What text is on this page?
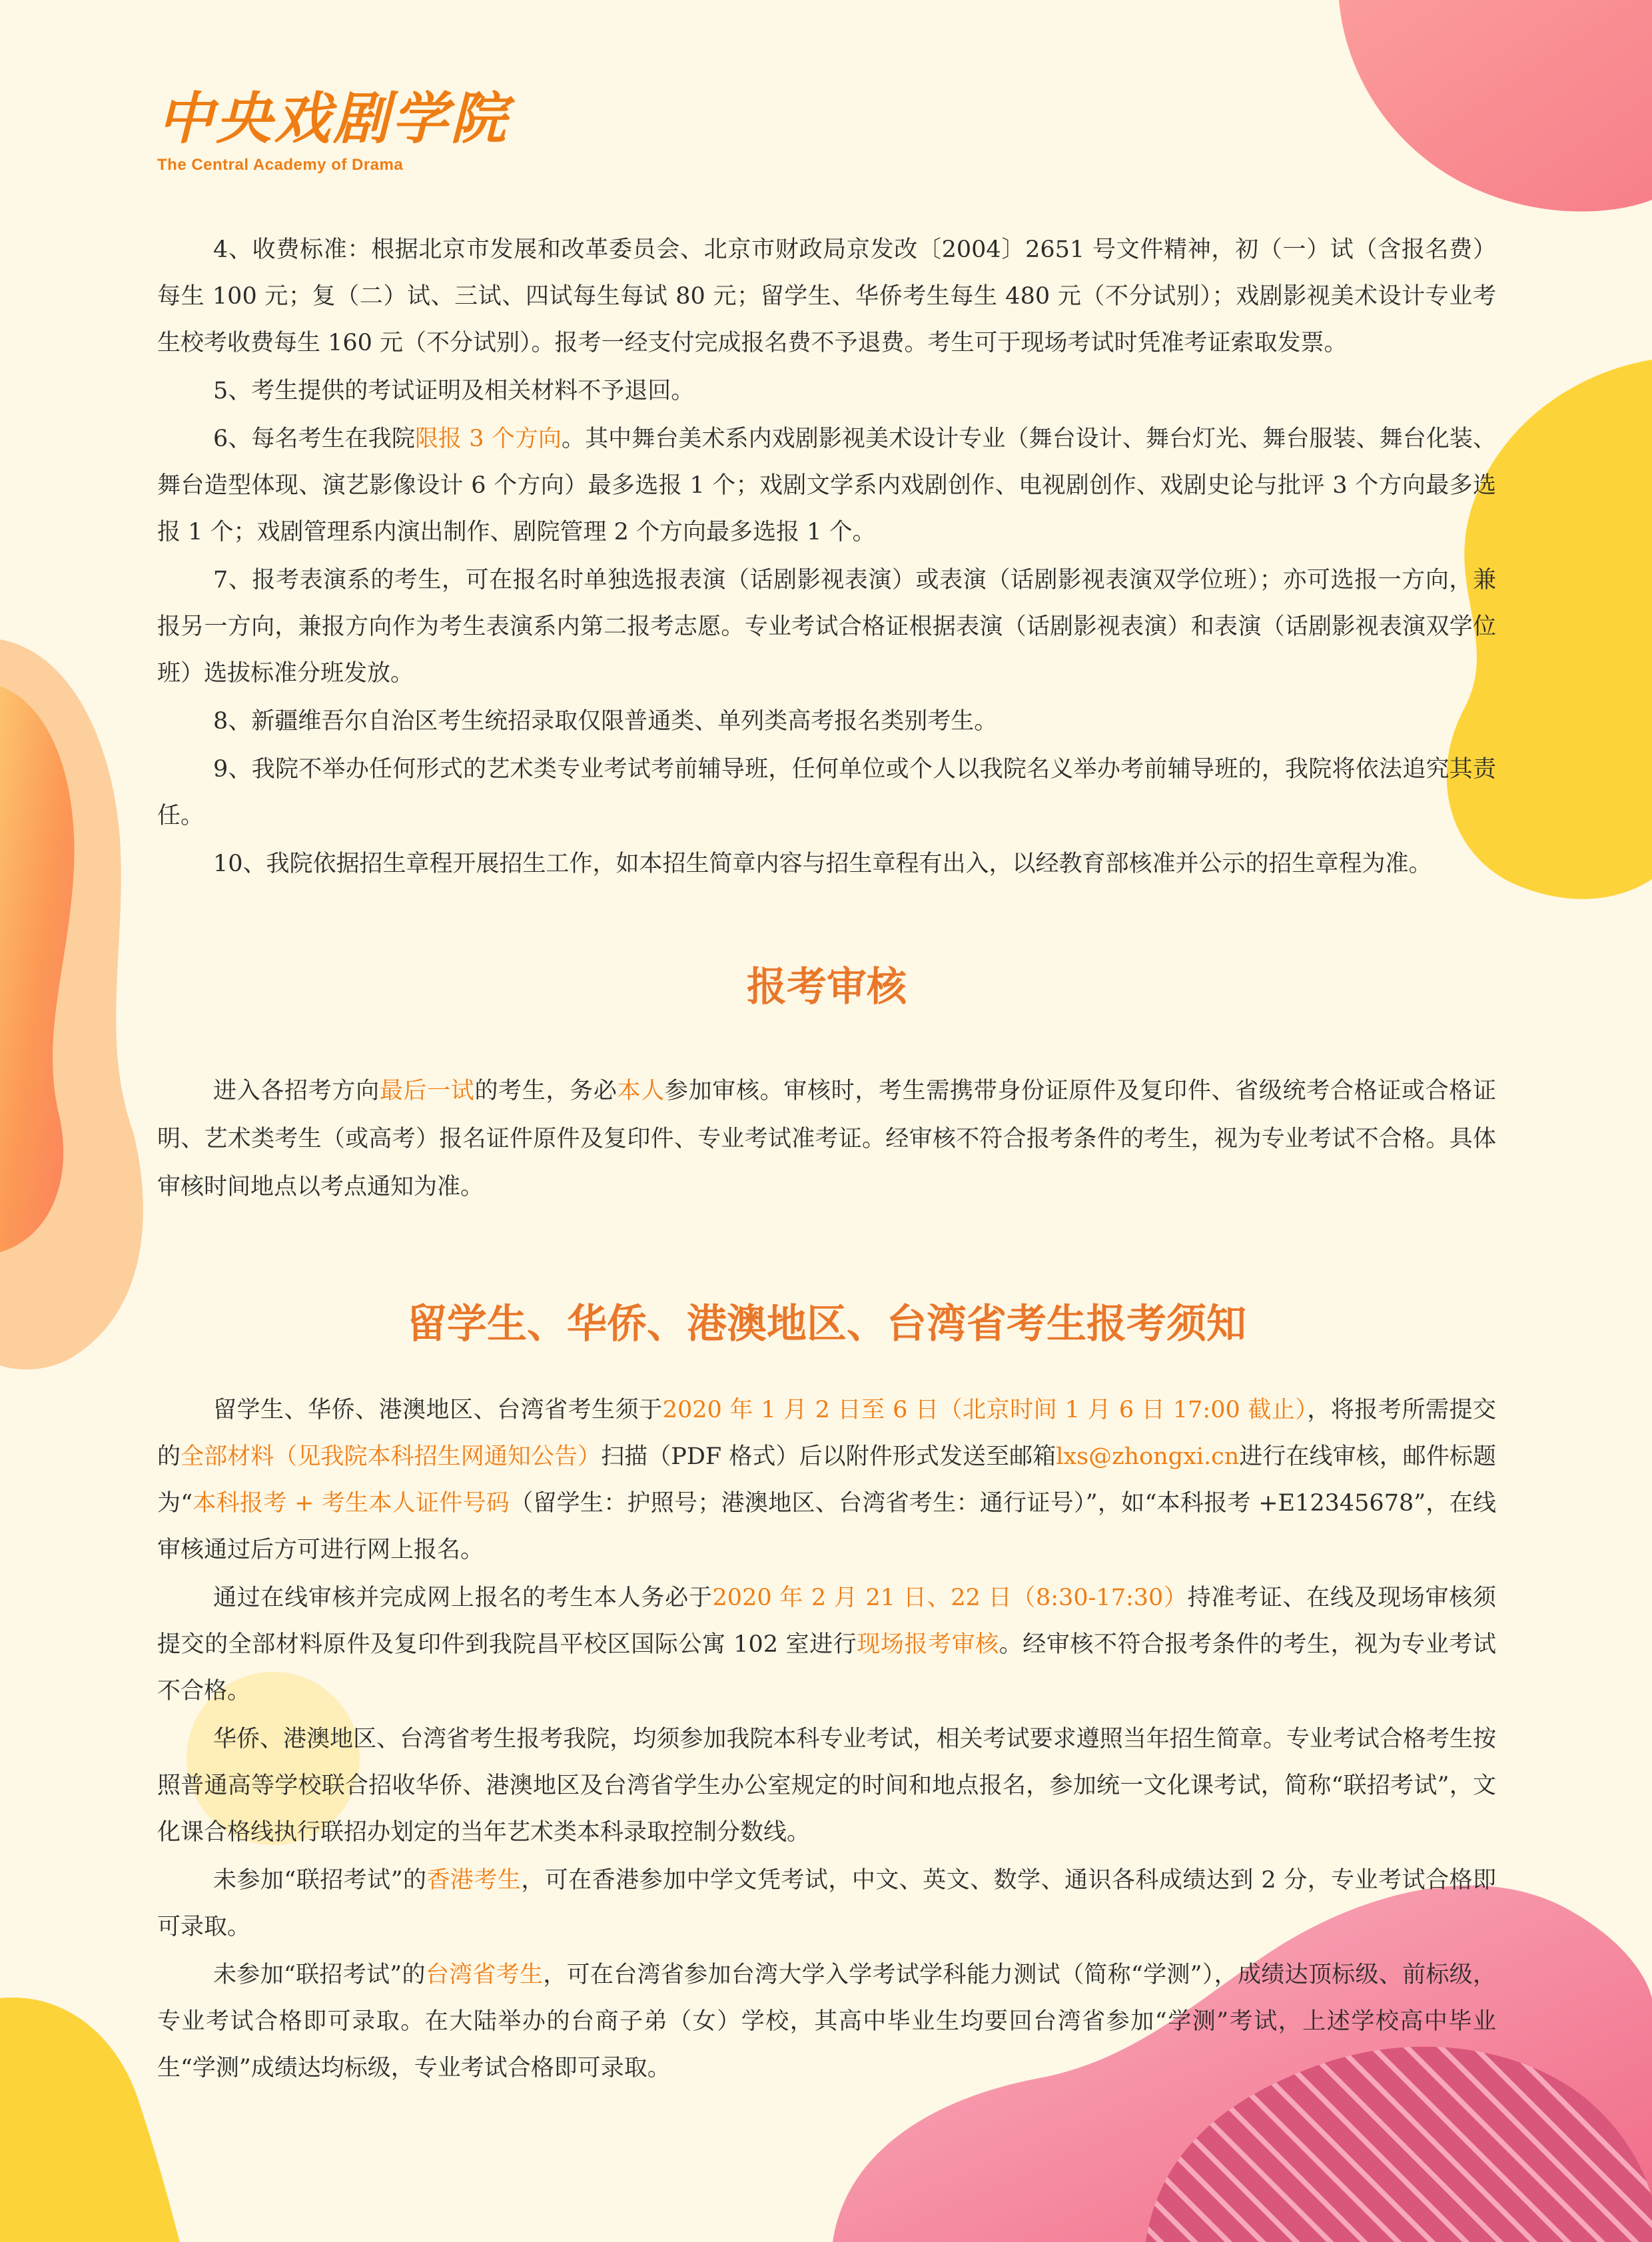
中央戏剧学院
The Central Academy of Drama

4、收费标准：根据北京市发展和改革委员会、北京市财政局京发改〔2004〕2651 号文件精神，初（一）试（含报名费）每生 100 元；复（二）试、三试、四试每生每试 80 元；留学生、华侨考生每生 480 元（不分试别）；戏剧影视美术设计专业考生校考收费每生 160 元（不分试别）。报考一经支付完成报名费不予退费。考生可于现场考试时凭准考证索取发票。

5、考生提供的考试证明及相关材料不予退回。

6、每名考生在我院限报 3 个方向。其中舞台美术系内戏剧影视美术设计专业（舞台设计、舞台灯光、舞台服装、舞台化装、舞台造型体现、演艺影像设计 6 个方向）最多选报 1 个；戏剧文学系内戏剧创作、电视剧创作、戏剧史论与批评 3 个方向最多选报 1 个；戏剧管理系内演出制作、剧院管理 2 个方向最多选报 1 个。

7、报考表演系的考生，可在报名时单独选报表演（话剧影视表演）或表演（话剧影视表演双学位班）；亦可选报一方向，兼报另一方向，兼报方向作为考生表演系内第二报考志愿。专业考试合格证根据表演（话剧影视表演）和表演（话剧影视表演双学位班）选拔标准分班发放。

8、新疆维吾尔自治区考生统招录取仅限普通类、单列类高考报名类别考生。

9、我院不举办任何形式的艺术类专业考试考前辅导班，任何单位或个人以我院名义举办考前辅导班的，我院将依法追究其责任。

10、我院依据招生章程开展招生工作，如本招生简章内容与招生章程有出入，以经教育部核准并公示的招生章程为准。

报考审核

进入各招考方向最后一试的考生，务必本人参加审核。审核时，考生需携带身份证原件及复印件、省级统考合格证或合格证明、艺术类考生（或高考）报名证件原件及复印件、专业考试准考证。经审核不符合报考条件的考生，视为专业考试不合格。具体审核时间地点以考点通知为准。

留学生、华侨、港澳地区、台湾省考生报考须知

留学生、华侨、港澳地区、台湾省考生须于2020 年 1 月 2 日至 6 日（北京时间 1 月 6 日 17:00 截止），将报考所需提交的全部材料（见我院本科招生网通知公告）扫描（PDF 格式）后以附件形式发送至邮箱lxs@zhongxi.cn进行在线审核，邮件标题为“本科报考 + 考生本人证件号码（留学生：护照号；港澳地区、台湾省考生：通行证号）”，如“本科报考 +E12345678”，在线审核通过后方可进行网上报名。

通过在线审核并完成网上报名的考生本人务必于2020 年 2 月 21 日、22 日（8:30-17:30）持准考证、在线及现场审核须提交的全部材料原件及复印件到我院昌平校区国际公寓 102 室进行现场报考审核。经审核不符合报考条件的考生，视为专业考试不合格。

华侨、港澳地区、台湾省考生报考我院，均须参加我院本科专业考试，相关考试要求遵照当年招生简章。专业考试合格考生按照普通高等学校联合招收华侨、港澳地区及台湾省学生办公室规定的时间和地点报名，参加统一文化课考试，简称“联招考试”，文化课合格线执行联招办划定的当年艺术类本科录取控制分数线。

未参加“联招考试”的香港考生，可在香港参加中学文凭考试，中文、英文、数学、通识各科成绩达到 2 分，专业考试合格即可录取。

未参加“联招考试”的台湾省考生，可在台湾省参加台湾大学入学考试学科能力测试（简称“学测”），成绩达顶标级、前标级，专业考试合格即可录取。在大陆举办的台商子弟（女）学校，其高中毕业生均要回台湾省参加“学测”考试，上述学校高中毕业生“学测”成绩达均标级，专业考试合格即可录取。
